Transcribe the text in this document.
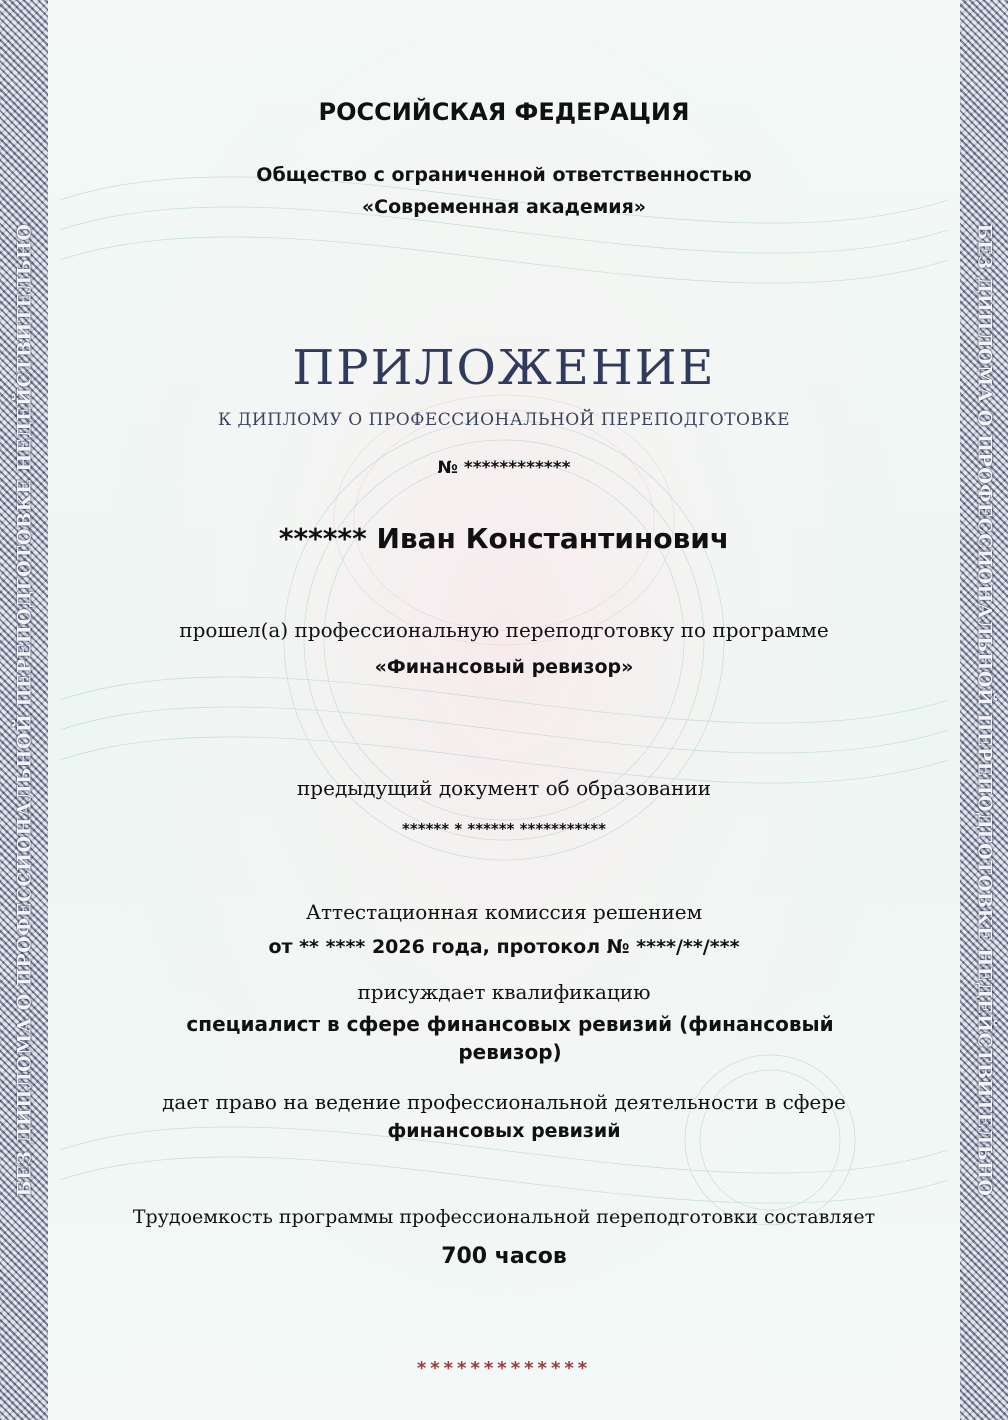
БЕЗ ДИПЛОМА О ПРОФЕССИОНАЛЬНОЙ ПЕРЕПОДГОТОВКЕ НЕДЕЙСТВИТЕЛЬНО	БЕЗ ДИПЛОМА О ПРОФЕССИОНАЛЬНОЙ ПЕРЕПОДГОТОВКЕ НЕДЕЙСТВИТЕЛЬНО
РОССИЙСКАЯ ФЕДЕРАЦИЯ
Общество с ограниченной ответственностью
«Современная академия»
ПРИЛОЖЕНИЕ
К ДИПЛОМУ О ПРОФЕССИОНАЛЬНОЙ ПЕРЕПОДГОТОВКЕ
№ ************
****** Иван Константинович
прошел(а) профессиональную переподготовку по программе
«Финансовый ревизор»
предыдущий документ об образовании
****** * ****** ***********
Аттестационная комиссия решением
от ** **** 2026 года, протокол № ****/**/***
присуждает квалификацию
специалист в сфере финансовых ревизий (финансовый ревизор)
дает право на ведение профессиональной деятельности в сфере
финансовых ревизий
Трудоемкость программы профессиональной переподготовки составляет
700 часов
*************
